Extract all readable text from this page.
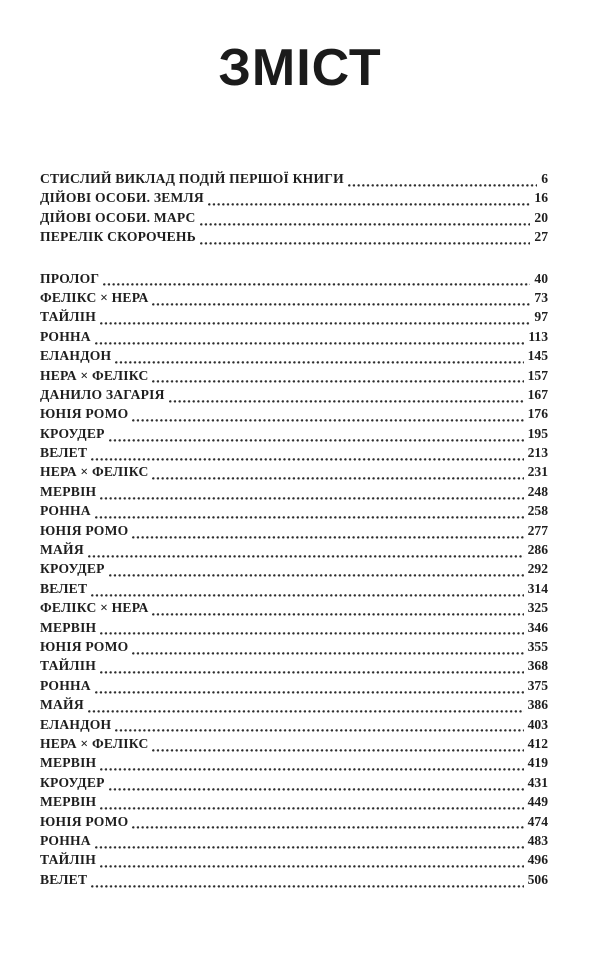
ЗМІСТ
СТИСЛИЙ ВИКЛАД ПОДІЙ ПЕРШОЇ КНИГИ	6
ДІЙОВІ ОСОБИ. ЗЕМЛЯ	16
ДІЙОВІ ОСОБИ. МАРС	20
ПЕРЕЛІК СКОРОЧЕНЬ	27
ПРОЛОГ	40
ФЕЛІКС × НЕРА	73
ТАЙЛІН	97
РОННА	113
ЕЛАНДОН	145
НЕРА × ФЕЛІКС	157
ДАНИЛО ЗАГАРІЯ	167
ЮНІЯ РОМО	176
КРОУДЕР	195
ВЕЛЕТ	213
НЕРА × ФЕЛІКС	231
МЕРВІН	248
РОННА	258
ЮНІЯ РОМО	277
МАЙЯ	286
КРОУДЕР	292
ВЕЛЕТ	314
ФЕЛІКС × НЕРА	325
МЕРВІН	346
ЮНІЯ РОМО	355
ТАЙЛІН	368
РОННА	375
МАЙЯ	386
ЕЛАНДОН	403
НЕРА × ФЕЛІКС	412
МЕРВІН	419
КРОУДЕР	431
МЕРВІН	449
ЮНІЯ РОМО	474
РОННА	483
ТАЙЛІН	496
ВЕЛЕТ	506
